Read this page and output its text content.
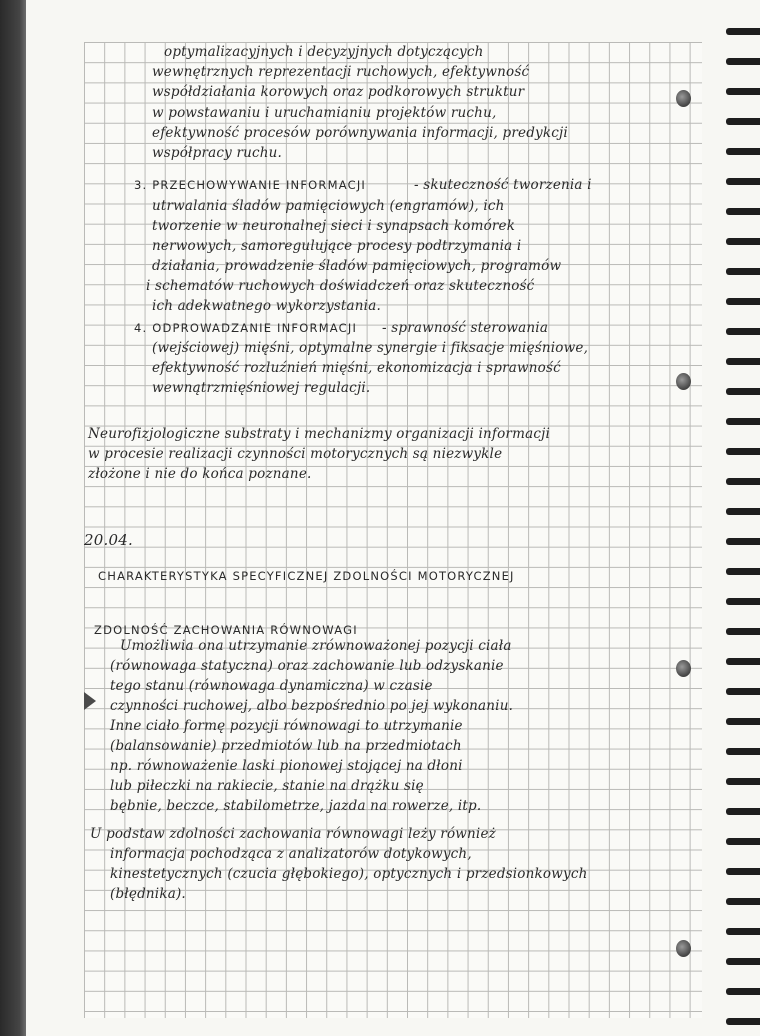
optymalizacyjnych i decyzyjnych dotyczących
wewnętrznych reprezentacji ruchowych, efektywność
współdziałania korowych oraz podkorowych struktur
w powstawaniu i uruchamianiu projektów ruchu,
efektywność procesów porównywania informacji, predykcji
współpracy ruchu.
3. PRZECHOWYWANIE INFORMACJI	- skuteczność tworzenia i
utrwalania śladów pamięciowych (engramów), ich
tworzenie w neuronalnej sieci i synapsach komórek
nerwowych, samoregulujące procesy podtrzymania i
działania, prowadzenie śladów pamięciowych, programów
i schematów ruchowych doświadczeń oraz skuteczność
ich adekwatnego wykorzystania.
4. ODPROWADZANIE INFORMACJI - sprawność sterowania
(wejściowej) mięśni, optymalne synergie i fiksacje mięśniowe,
efektywność rozluźnień mięśni, ekonomizacja i sprawność
wewnątrzmięśniowej regulacji.
Neurofizjologiczne substraty i mechanizmy organizacji informacji
w procesie realizacji czynności motorycznych są niezwykle
złożone i nie do końca poznane.
20.04.
CHARAKTERYSTYKA SPECYFICZNEJ ZDOLNOŚCI MOTORYCZNEJ
ZDOLNOŚĆ ZACHOWANIA RÓWNOWAGI
Umożliwia ona utrzymanie zrównoważonej pozycji ciała
(równowaga statyczna) oraz zachowanie lub odzyskanie
tego stanu (równowaga dynamiczna) w czasie
czynności ruchowej, albo bezpośrednio po jej wykonaniu.
Inne ciało formę pozycji równowagi to utrzymanie
(balansowanie) przedmiotów lub na przedmiotach
np. równoważenie laski pionowej stojącej na dłoni
lub piłeczki na rakiecie, stanie na drążku się
bębnie, beczce, stabilometrze, jazda na rowerze, itp.
U podstaw zdolności zachowania równowagi leży również
informacja pochodząca z analizatorów dotykowych,
kinestetycznych (czucia głębokiego), optycznych i przedsionkowych
(błędnika).
